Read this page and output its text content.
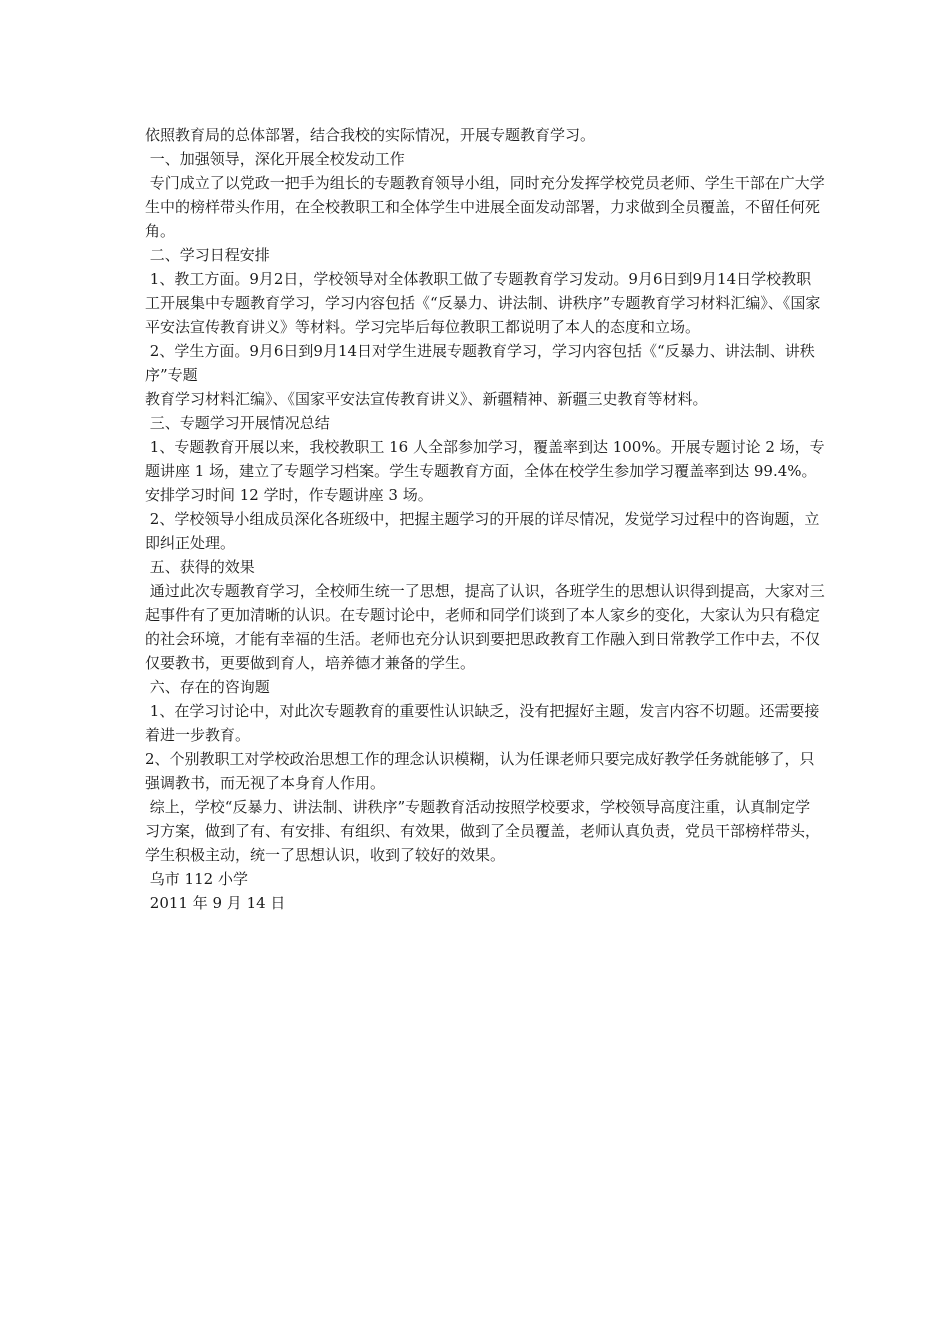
依照教育局的总体部署，结合我校的实际情况，开展专题教育学习。

一、加强领导，深化开展全校发动工作

专门成立了以党政一把手为组长的专题教育领导小组，同时充分发挥学校党员老师、学生干部在广大学生中的榜样带头作用，在全校教职工和全体学生中进展全面发动部署，力求做到全员覆盖，不留任何死角。

二、学习日程安排

1、教工方面。9月2日，学校领导对全体教职工做了专题教育学习发动。9月6日到9月14日学校教职工开展集中专题教育学习，学习内容包括《“反暴力、讲法制、讲秩序”专题教育学习材料汇编》、《国家平安法宣传教育讲义》等材料。学习完毕后每位教职工都说明了本人的态度和立场。

2、学生方面。9月6日到9月14日对学生进展专题教育学习，学习内容包括《“反暴力、讲法制、讲秩序”专题

教育学习材料汇编》、《国家平安法宣传教育讲义》、新疆精神、新疆三史教育等材料。

三、专题学习开展情况总结

1、专题教育开展以来，我校教职工 16 人全部参加学习，覆盖率到达 100%。开展专题讨论 2 场，专题讲座 1 场，建立了专题学习档案。学生专题教育方面，全体在校学生参加学习覆盖率到达 99.4%。安排学习时间 12 学时，作专题讲座 3 场。

2、学校领导小组成员深化各班级中，把握主题学习的开展的详尽情况，发觉学习过程中的咨询题，立即纠正处理。

五、获得的效果

通过此次专题教育学习，全校师生统一了思想，提高了认识，各班学生的思想认识得到提高，大家对三起事件有了更加清晰的认识。在专题讨论中，老师和同学们谈到了本人家乡的变化，大家认为只有稳定的社会环境，才能有幸福的生活。老师也充分认识到要把思政教育工作融入到日常教学工作中去，不仅仅要教书，更要做到育人，培养德才兼备的学生。

六、存在的咨询题

1、在学习讨论中，对此次专题教育的重要性认识缺乏，没有把握好主题，发言内容不切题。还需要接着进一步教育。

2、个别教职工对学校政治思想工作的理念认识模糊，认为任课老师只要完成好教学任务就能够了，只强调教书，而无视了本身育人作用。

综上，学校“反暴力、讲法制、讲秩序”专题教育活动按照学校要求，学校领导高度注重，认真制定学习方案，做到了有、有安排、有组织、有效果，做到了全员覆盖，老师认真负责，党员干部榜样带头，学生积极主动，统一了思想认识，收到了较好的效果。

乌市 112 小学

2011 年 9 月 14 日
